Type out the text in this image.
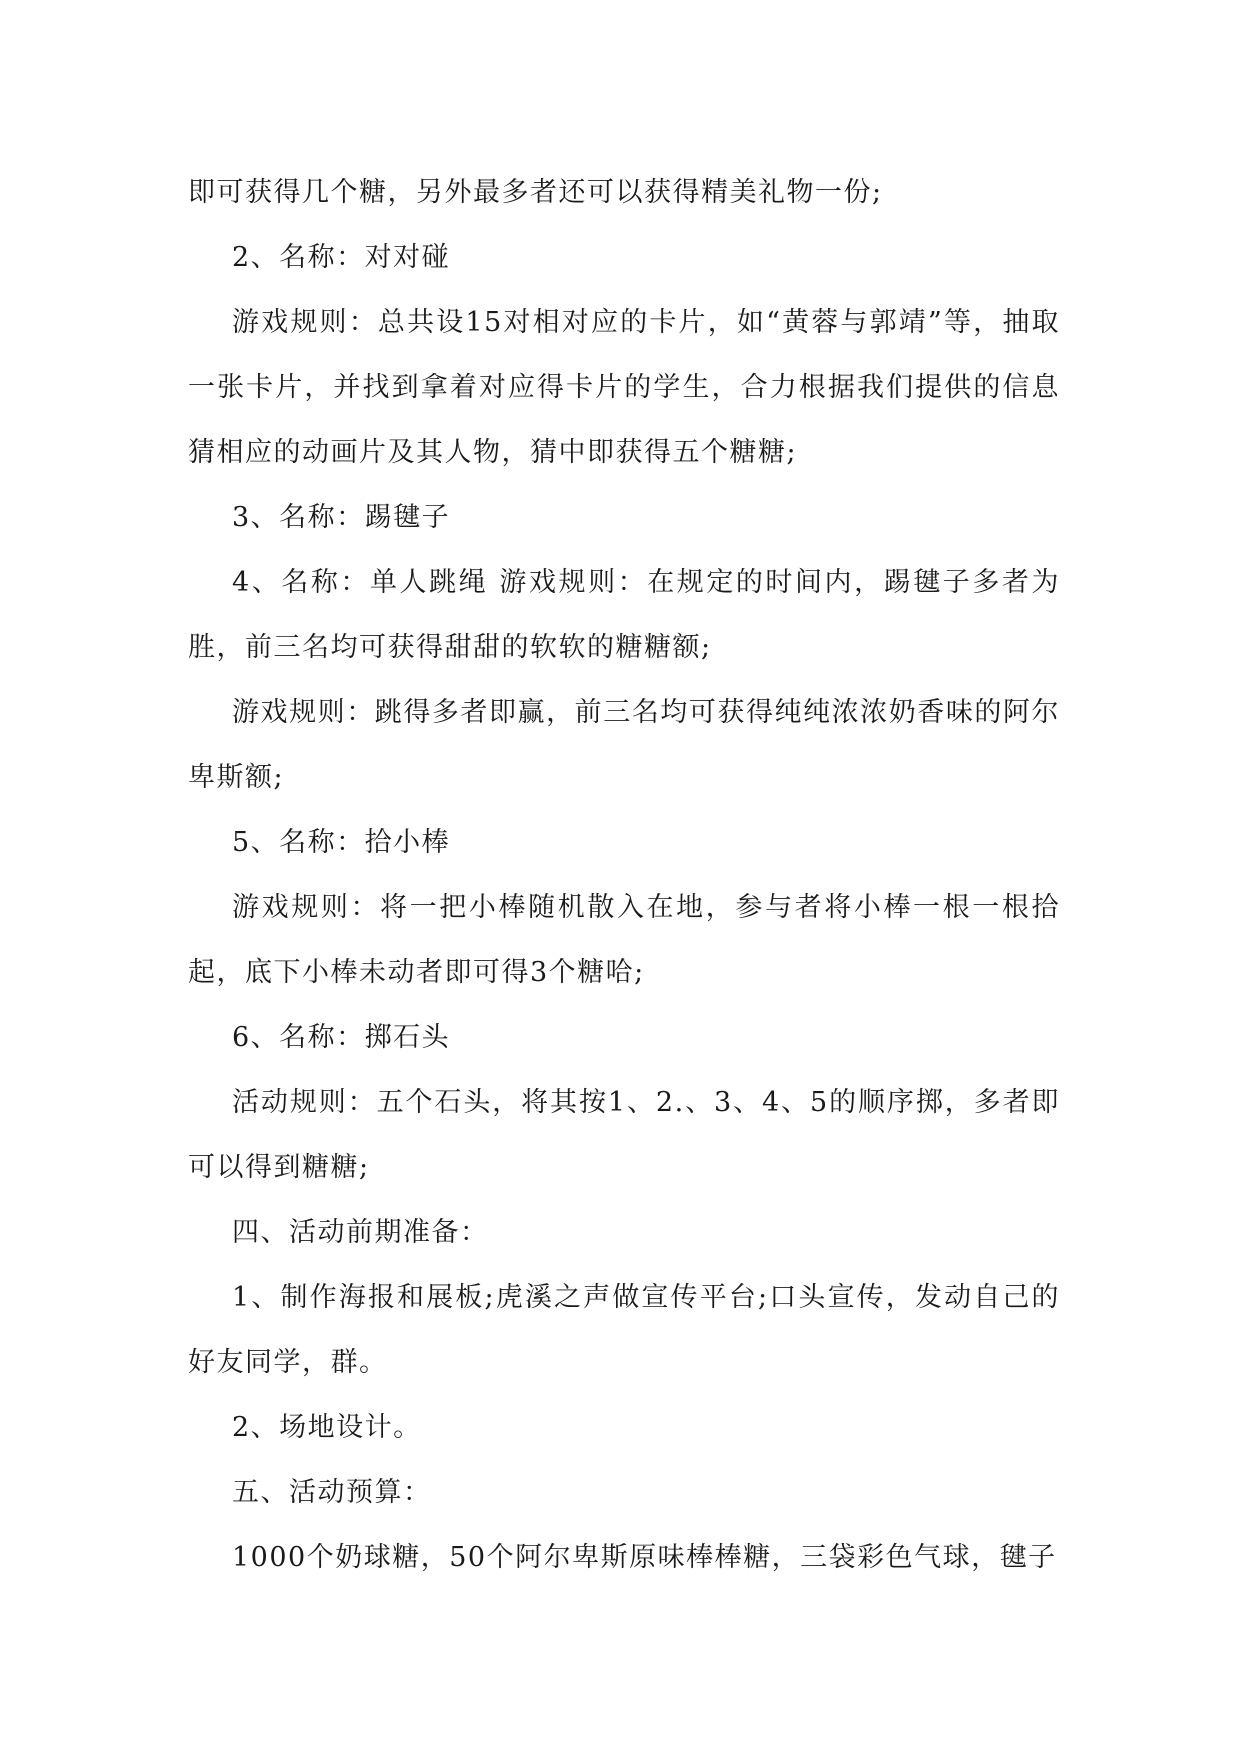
即可获得几个糖，另外最多者还可以获得精美礼物一份;

2、名称：对对碰

游戏规则：总共设15对相对应的卡片，如“黄蓉与郭靖”等，抽取一张卡片，并找到拿着对应得卡片的学生，合力根据我们提供的信息猜相应的动画片及其人物，猜中即获得五个糖糖;

3、名称：踢毽子

4、名称：单人跳绳 游戏规则：在规定的时间内，踢毽子多者为胜，前三名均可获得甜甜的软软的糖糖额;

游戏规则：跳得多者即赢，前三名均可获得纯纯浓浓奶香味的阿尔卑斯额;

5、名称：拾小棒

游戏规则：将一把小棒随机散入在地，参与者将小棒一根一根拾起，底下小棒未动者即可得3个糖哈;

6、名称：掷石头

活动规则：五个石头，将其按1、2.、3、4、5的顺序掷，多者即可以得到糖糖;

四、活动前期准备：

1、制作海报和展板;虎溪之声做宣传平台;口头宣传，发动自己的好友同学，群。

2、场地设计。

五、活动预算：

1000个奶球糖，50个阿尔卑斯原味棒棒糖，三袋彩色气球，毽子
